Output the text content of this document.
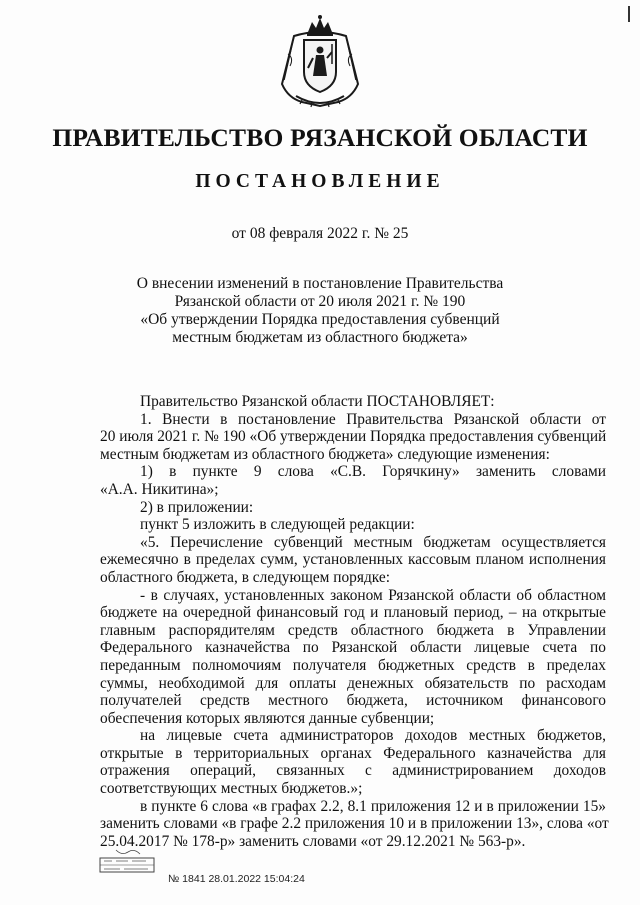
ПРАВИТЕЛЬСТВО РЯЗАНСКОЙ ОБЛАСТИ
ПОСТАНОВЛЕНИЕ
от 08 февраля 2022 г. № 25
О внесении изменений в постановление Правительства
Рязанской области от 20 июля 2021 г. № 190
«Об утверждении Порядка предоставления субвенций
местным бюджетам из областного бюджета»
Правительство Рязанской области ПОСТАНОВЛЯЕТ:
1. Внести в постановление Правительства Рязанской области от
20 июля 2021 г. № 190 «Об утверждении Порядка предоставления субвенций
местным бюджетам из областного бюджета» следующие изменения:
1) в пункте 9 слова «С.В. Горячкину» заменить словами
«А.А. Никитина»;
2) в приложении:
пункт 5 изложить в следующей редакции:
«5. Перечисление субвенций местным бюджетам осуществляется
ежемесячно в пределах сумм, установленных кассовым планом исполнения
областного бюджета, в следующем порядке:
- в случаях, установленных законом Рязанской области об областном
бюджете на очередной финансовый год и плановый период, – на открытые
главным распорядителям средств областного бюджета в Управлении
Федерального казначейства по Рязанской области лицевые счета по
переданным полномочиям получателя бюджетных средств в пределах
суммы, необходимой для оплаты денежных обязательств по расходам
получателей средств местного бюджета, источником финансового
обеспечения которых являются данные субвенции;
на лицевые счета администраторов доходов местных бюджетов,
открытые в территориальных органах Федерального казначейства для
отражения операций, связанных с администрированием доходов
соответствующих местных бюджетов.»;
в пункте 6 слова «в графах 2.2, 8.1 приложения 12 и в приложении 15»
заменить словами «в графе 2.2 приложения 10 и в приложении 13», слова «от
25.04.2017 № 178-р» заменить словами «от 29.12.2021 № 563-р».
№ 1841 28.01.2022 15:04:24
